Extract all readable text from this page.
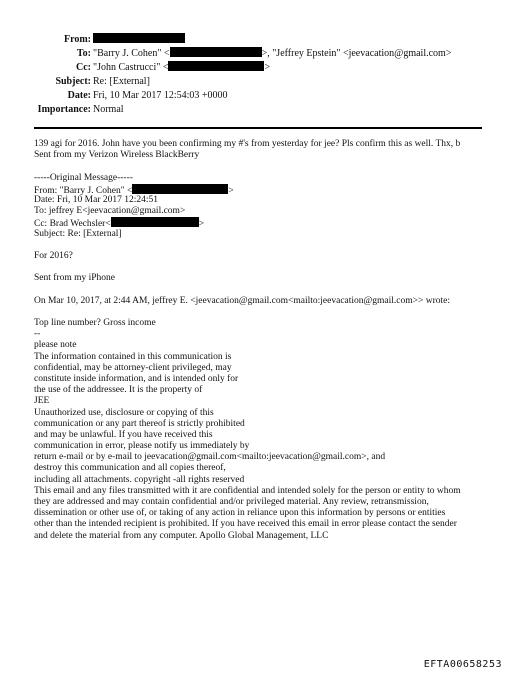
From:
To: "Barry J. Cohen" <	>, "Jeffrey Epstein" <jeevacation@gmail.com>
Cc: "John Castrucci" <	>
Subject: Re: [External]
Date: Fri, 10 Mar 2017 12:54:03 +0000
Importance: Normal
139 agi for 2016. John have you been confirming my #'s from yesterday for jee? Pls confirm this as well. Thx, b
Sent from my Verizon Wireless BlackBerry
-----Original Message-----
From: "Barry J. Cohen" <	>
Date: Fri, 10 Mar 2017 12:24:51
To: jeffrey E<jeevacation@gmail.com>
Cc: Brad Wechsler<	>
Subject: Re: [External]
For 2016?
Sent from my iPhone
On Mar 10, 2017, at 2:44 AM, jeffrey E. <jeevacation@gmail.com<mailto:jeevacation@gmail.com>> wrote:
Top line number? Gross income
--
please note
The information contained in this communication is
confidential, may be attorney-client privileged, may
constitute inside information, and is intended only for
the use of the addressee. It is the property of
JEE
Unauthorized use, disclosure or copying of this
communication or any part thereof is strictly prohibited
and may be unlawful. If you have received this
communication in error, please notify us immediately by
return e-mail or by e-mail to jeevacation@gmail.com<mailto:jeevacation@gmail.com>, and
destroy this communication and all copies thereof,
including all attachments. copyright -all rights reserved
This email and any files transmitted with it are confidential and intended solely for the person or entity to whom
they are addressed and may contain confidential and/or privileged material. Any review, retransmission,
dissemination or other use of, or taking of any action in reliance upon this information by persons or entities
other than the intended recipient is prohibited. If you have received this email in error please contact the sender
and delete the material from any computer. Apollo Global Management, LLC
EFTA00658253
